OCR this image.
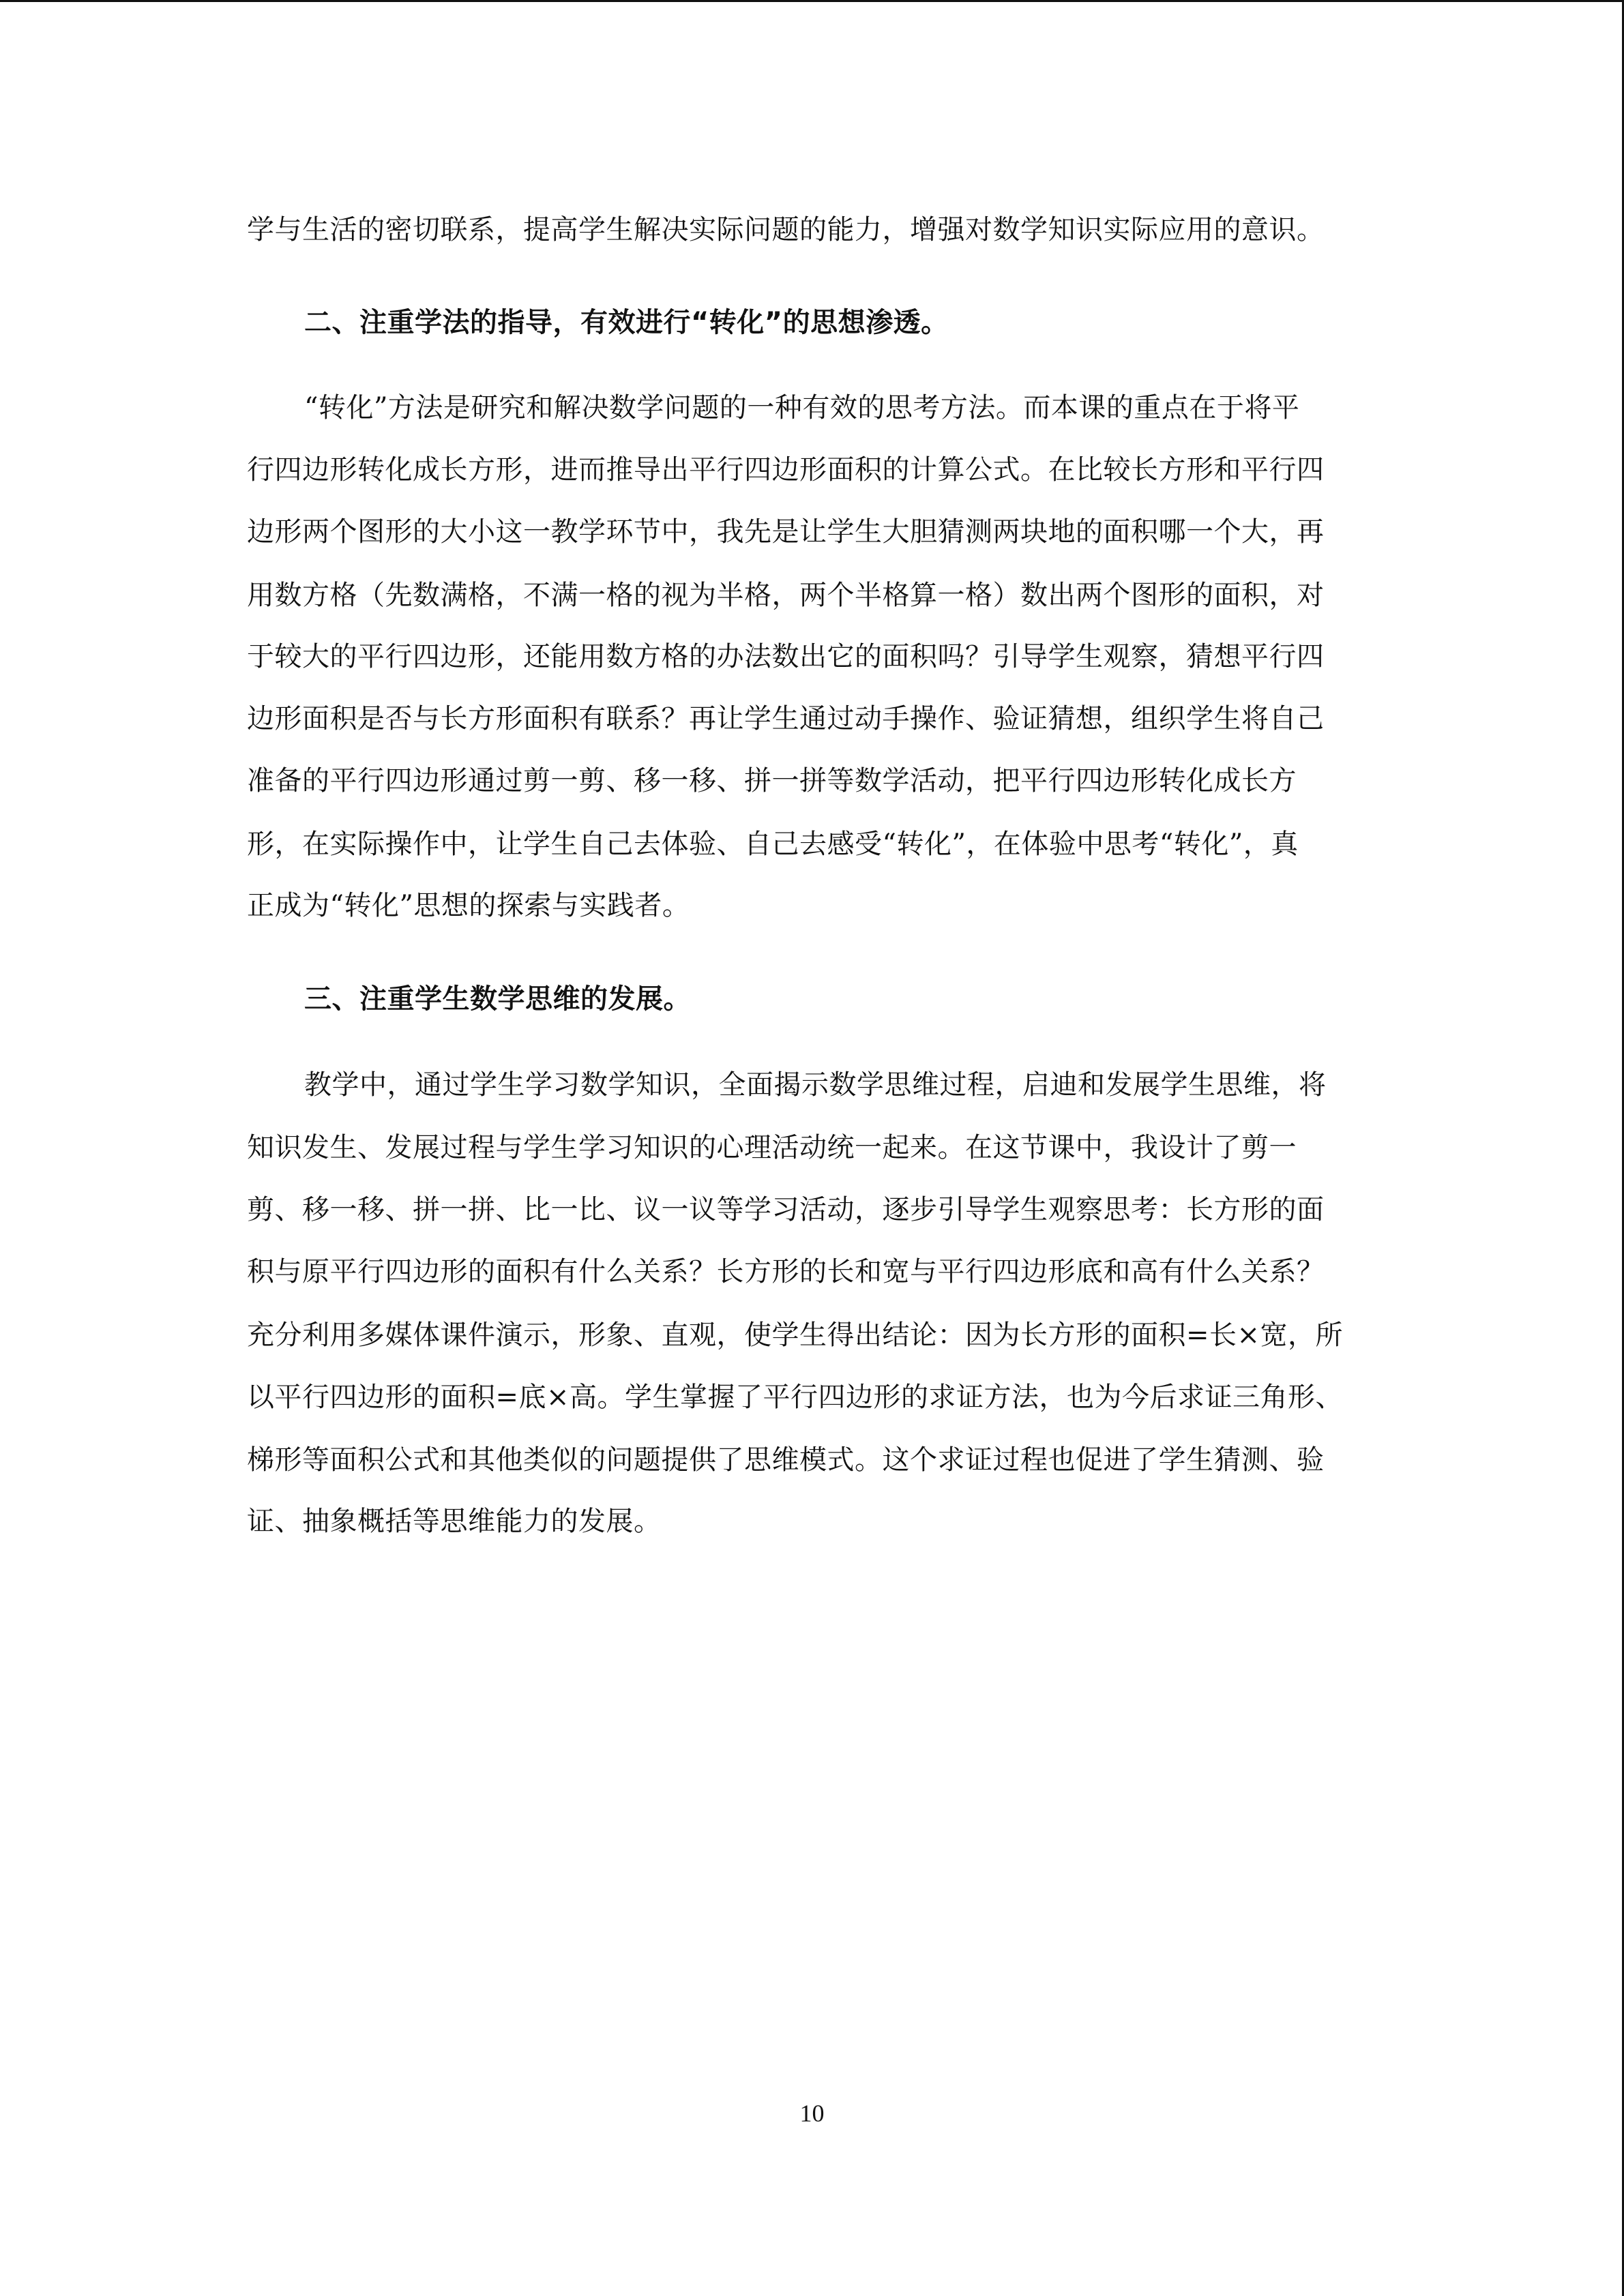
学与生活的密切联系，提高学生解决实际问题的能力，增强对数学知识实际应用的意识。
二、注重学法的指导，有效进行“转化”的思想渗透。
“转化”方法是研究和解决数学问题的一种有效的思考方法。而本课的重点在于将平
行四边形转化成长方形，进而推导出平行四边形面积的计算公式。在比较长方形和平行四
边形两个图形的大小这一教学环节中，我先是让学生大胆猜测两块地的面积哪一个大，再
用数方格（先数满格，不满一格的视为半格，两个半格算一格）数出两个图形的面积，对
于较大的平行四边形，还能用数方格的办法数出它的面积吗？引导学生观察，猜想平行四
边形面积是否与长方形面积有联系？再让学生通过动手操作、验证猜想，组织学生将自己
准备的平行四边形通过剪一剪、移一移、拼一拼等数学活动，把平行四边形转化成长方
形，在实际操作中，让学生自己去体验、自己去感受“转化”，在体验中思考“转化”，真
正成为“转化”思想的探索与实践者。
三、注重学生数学思维的发展。
教学中，通过学生学习数学知识，全面揭示数学思维过程，启迪和发展学生思维，将
知识发生、发展过程与学生学习知识的心理活动统一起来。在这节课中，我设计了剪一
剪、移一移、拼一拼、比一比、议一议等学习活动，逐步引导学生观察思考：长方形的面
积与原平行四边形的面积有什么关系？长方形的长和宽与平行四边形底和高有什么关系？
充分利用多媒体课件演示，形象、直观，使学生得出结论：因为长方形的面积=长×宽，所
以平行四边形的面积=底×高。学生掌握了平行四边形的求证方法，也为今后求证三角形、
梯形等面积公式和其他类似的问题提供了思维模式。这个求证过程也促进了学生猜测、验
证、抽象概括等思维能力的发展。
10
